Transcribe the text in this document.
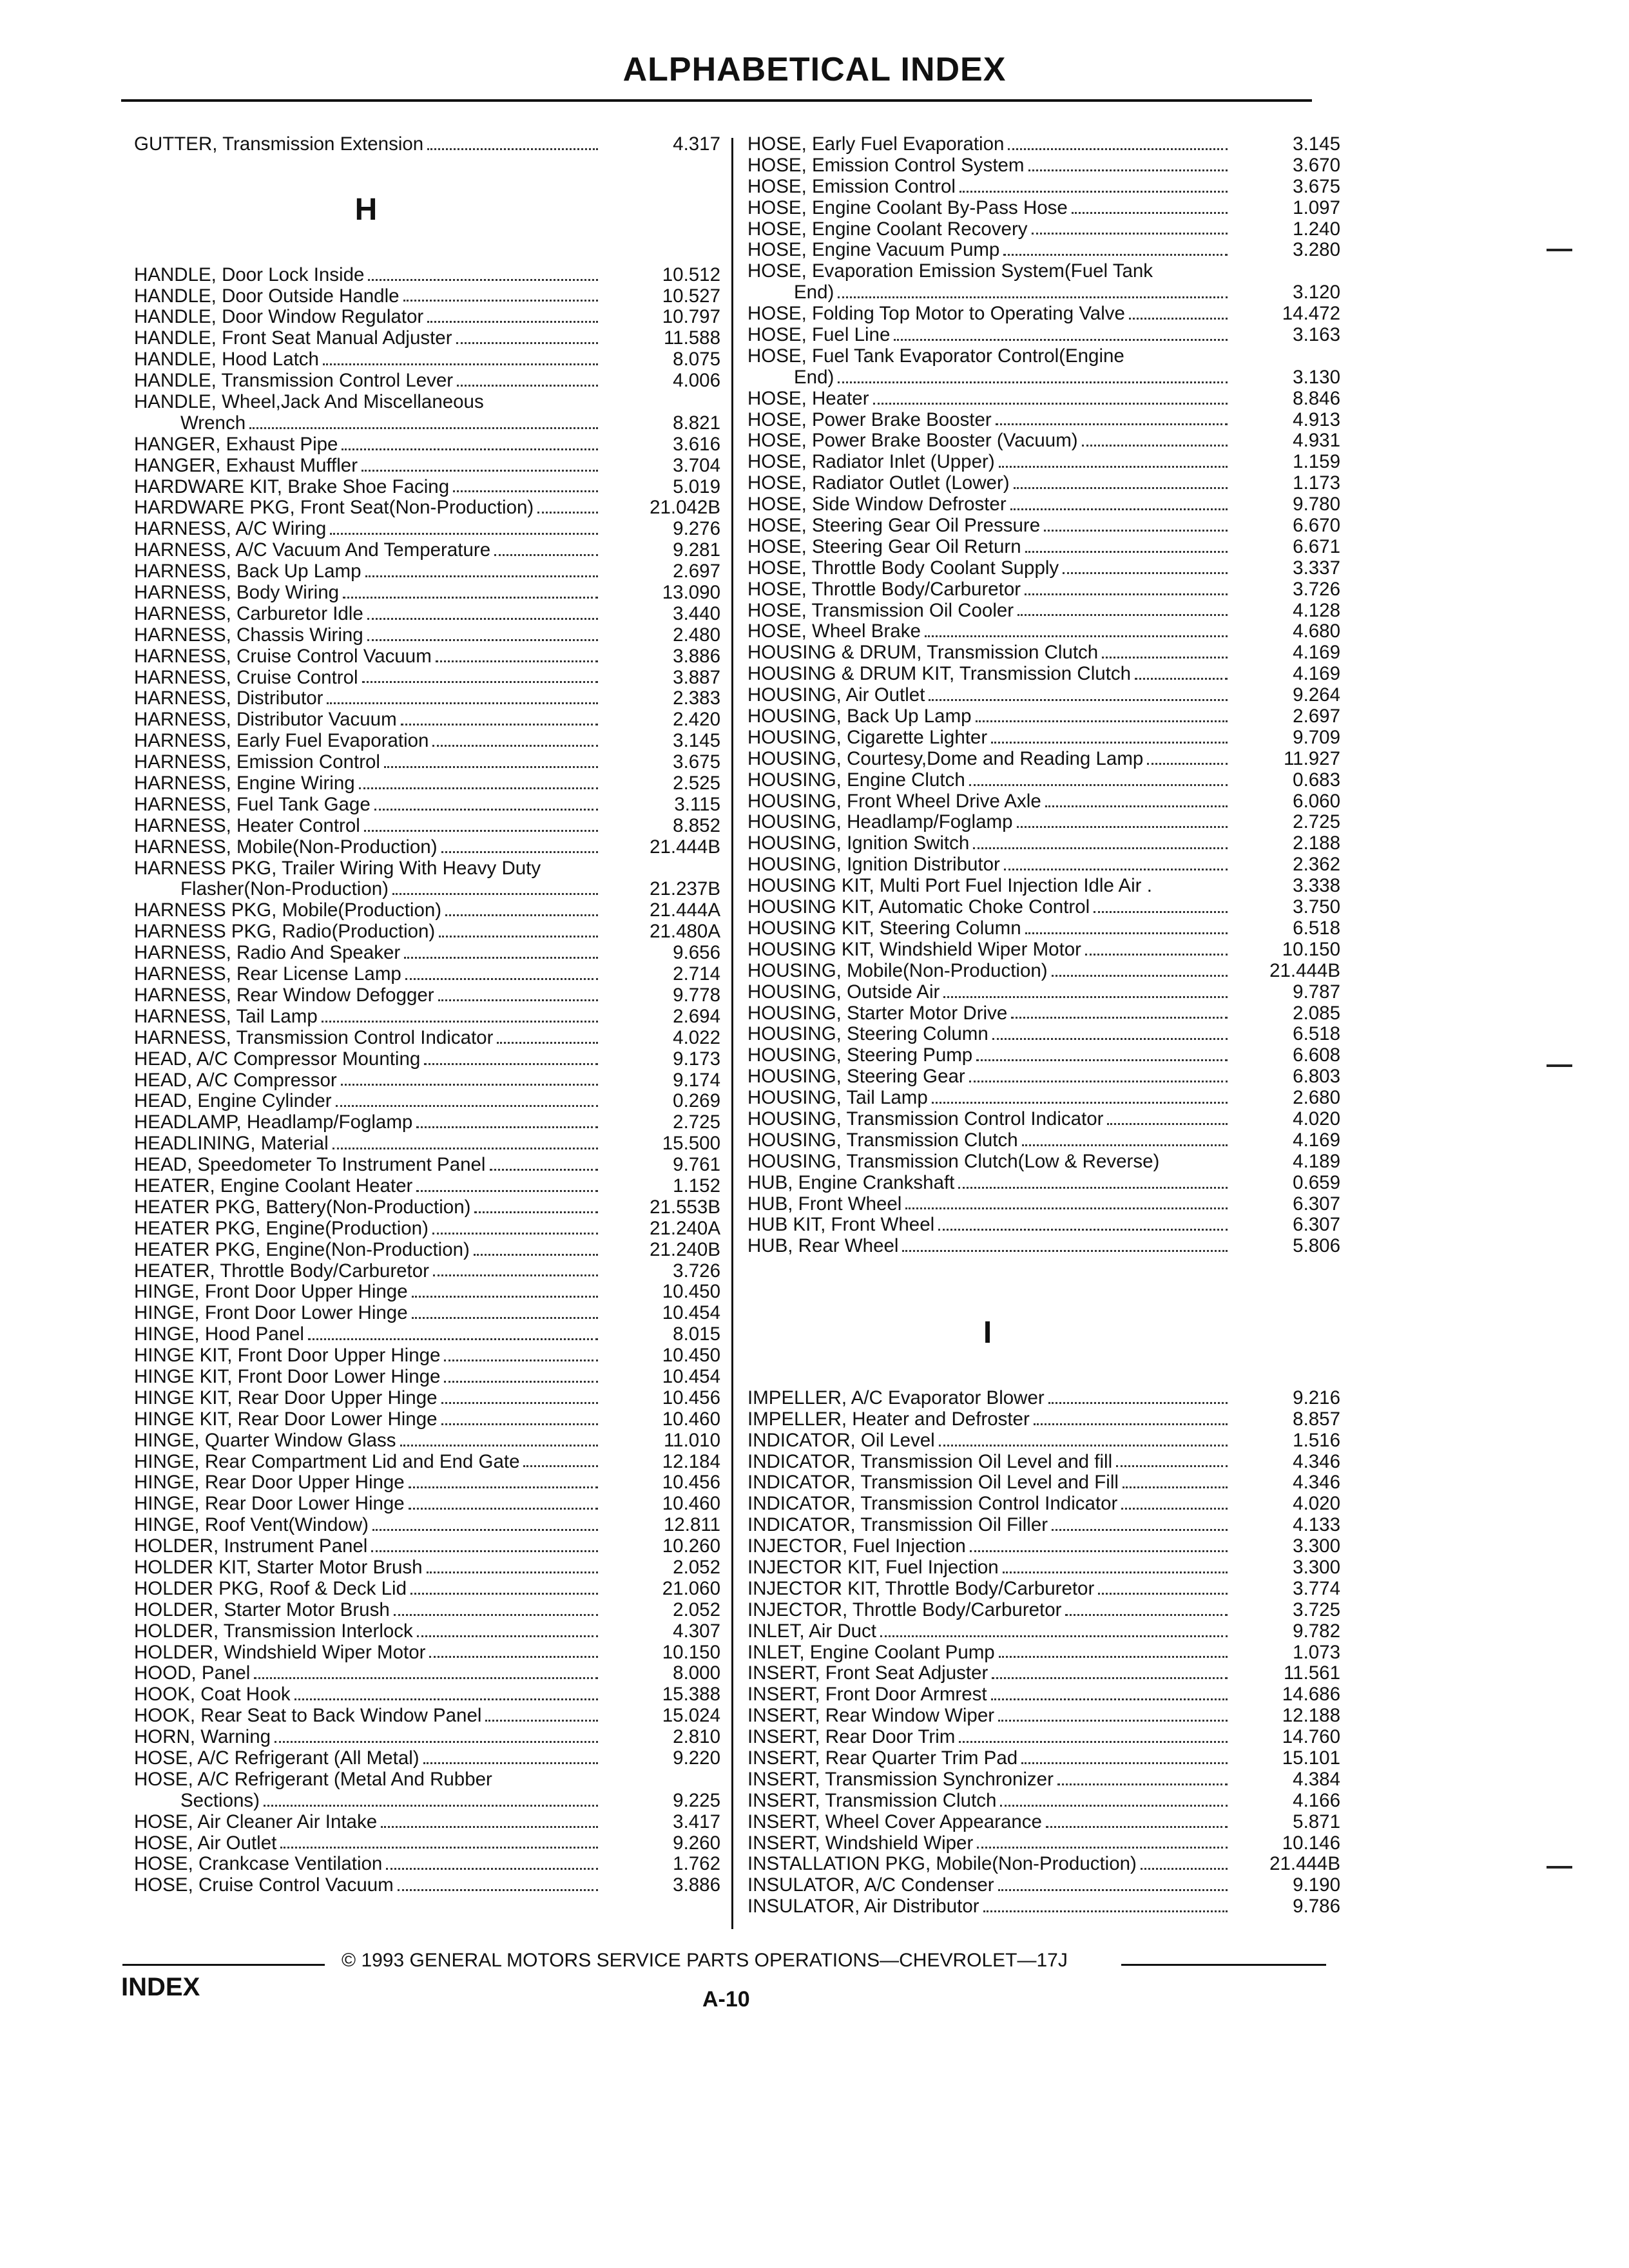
ALPHABETICAL INDEX
GUTTER, Transmission Extension	4.317
H
HANDLE, Door Lock Inside	10.512
HANDLE, Door Outside Handle	10.527
HANDLE, Door Window Regulator	10.797
HANDLE, Front Seat Manual Adjuster	11.588
HANDLE, Hood Latch	8.075
HANDLE, Transmission Control Lever	4.006
HANDLE, Wheel,Jack And Miscellaneous
Wrench	8.821
HANGER, Exhaust Pipe	3.616
HANGER, Exhaust Muffler	3.704
HARDWARE KIT, Brake Shoe Facing	5.019
HARDWARE PKG, Front Seat(Non-Production)	21.042B
HARNESS, A/C Wiring	9.276
HARNESS, A/C Vacuum And Temperature	9.281
HARNESS, Back Up Lamp	2.697
HARNESS, Body Wiring	13.090
HARNESS, Carburetor Idle	3.440
HARNESS, Chassis Wiring	2.480
HARNESS, Cruise Control Vacuum	3.886
HARNESS, Cruise Control	3.887
HARNESS, Distributor	2.383
HARNESS, Distributor Vacuum	2.420
HARNESS, Early Fuel Evaporation	3.145
HARNESS, Emission Control	3.675
HARNESS, Engine Wiring	2.525
HARNESS, Fuel Tank Gage	3.115
HARNESS, Heater Control	8.852
HARNESS, Mobile(Non-Production)	21.444B
HARNESS PKG, Trailer Wiring With Heavy Duty
Flasher(Non-Production)	21.237B
HARNESS PKG, Mobile(Production)	21.444A
HARNESS PKG, Radio(Production)	21.480A
HARNESS, Radio And Speaker	9.656
HARNESS, Rear License Lamp	2.714
HARNESS, Rear Window Defogger	9.778
HARNESS, Tail Lamp	2.694
HARNESS, Transmission Control Indicator	4.022
HEAD, A/C Compressor Mounting	9.173
HEAD, A/C Compressor	9.174
HEAD, Engine Cylinder	0.269
HEADLAMP, Headlamp/Foglamp	2.725
HEADLINING, Material	15.500
HEAD, Speedometer To Instrument Panel	9.761
HEATER, Engine Coolant Heater	1.152
HEATER PKG, Battery(Non-Production)	21.553B
HEATER PKG, Engine(Production)	21.240A
HEATER PKG, Engine(Non-Production)	21.240B
HEATER, Throttle Body/Carburetor	3.726
HINGE, Front Door Upper Hinge	10.450
HINGE, Front Door Lower Hinge	10.454
HINGE, Hood Panel	8.015
HINGE KIT, Front Door Upper Hinge	10.450
HINGE KIT, Front Door Lower Hinge	10.454
HINGE KIT, Rear Door Upper Hinge	10.456
HINGE KIT, Rear Door Lower Hinge	10.460
HINGE, Quarter Window Glass	11.010
HINGE, Rear Compartment Lid and End Gate	12.184
HINGE, Rear Door Upper Hinge	10.456
HINGE, Rear Door Lower Hinge	10.460
HINGE, Roof Vent(Window)	12.811
HOLDER, Instrument Panel	10.260
HOLDER KIT, Starter Motor Brush	2.052
HOLDER PKG, Roof & Deck Lid	21.060
HOLDER, Starter Motor Brush	2.052
HOLDER, Transmission Interlock	4.307
HOLDER, Windshield Wiper Motor	10.150
HOOD, Panel	8.000
HOOK, Coat Hook	15.388
HOOK, Rear Seat to Back Window Panel	15.024
HORN, Warning	2.810
HOSE, A/C Refrigerant (All Metal)	9.220
HOSE, A/C Refrigerant (Metal And Rubber
Sections)	9.225
HOSE, Air Cleaner Air Intake	3.417
HOSE, Air Outlet	9.260
HOSE, Crankcase Ventilation	1.762
HOSE, Cruise Control Vacuum	3.886
HOSE, Early Fuel Evaporation	3.145
HOSE, Emission Control System	3.670
HOSE, Emission Control	3.675
HOSE, Engine Coolant By-Pass Hose	1.097
HOSE, Engine Coolant Recovery	1.240
HOSE, Engine Vacuum Pump	3.280
HOSE, Evaporation Emission System(Fuel Tank
End)	3.120
HOSE, Folding Top Motor to Operating Valve	14.472
HOSE, Fuel Line	3.163
HOSE, Fuel Tank Evaporator Control(Engine
End)	3.130
HOSE, Heater	8.846
HOSE, Power Brake Booster	4.913
HOSE, Power Brake Booster (Vacuum)	4.931
HOSE, Radiator Inlet (Upper)	1.159
HOSE, Radiator Outlet (Lower)	1.173
HOSE, Side Window Defroster	9.780
HOSE, Steering Gear Oil Pressure	6.670
HOSE, Steering Gear Oil Return	6.671
HOSE, Throttle Body Coolant Supply	3.337
HOSE, Throttle Body/Carburetor	3.726
HOSE, Transmission Oil Cooler	4.128
HOSE, Wheel Brake	4.680
HOUSING & DRUM, Transmission Clutch	4.169
HOUSING & DRUM KIT, Transmission Clutch	4.169
HOUSING, Air Outlet	9.264
HOUSING, Back Up Lamp	2.697
HOUSING, Cigarette Lighter	9.709
HOUSING, Courtesy,Dome and Reading Lamp	11.927
HOUSING, Engine Clutch	0.683
HOUSING, Front Wheel Drive Axle	6.060
HOUSING, Headlamp/Foglamp	2.725
HOUSING, Ignition Switch	2.188
HOUSING, Ignition Distributor	2.362
HOUSING KIT, Multi Port Fuel Injection Idle Air .	3.338
HOUSING KIT, Automatic Choke Control	3.750
HOUSING KIT, Steering Column	6.518
HOUSING KIT, Windshield Wiper Motor	10.150
HOUSING, Mobile(Non-Production)	21.444B
HOUSING, Outside Air	9.787
HOUSING, Starter Motor Drive	2.085
HOUSING, Steering Column	6.518
HOUSING, Steering Pump	6.608
HOUSING, Steering Gear	6.803
HOUSING, Tail Lamp	2.680
HOUSING, Transmission Control Indicator	4.020
HOUSING, Transmission Clutch	4.169
HOUSING, Transmission Clutch(Low & Reverse)	4.189
HUB, Engine Crankshaft	0.659
HUB, Front Wheel	6.307
HUB KIT, Front Wheel	6.307
HUB, Rear Wheel	5.806
I
IMPELLER, A/C Evaporator Blower	9.216
IMPELLER, Heater and Defroster	8.857
INDICATOR, Oil Level	1.516
INDICATOR, Transmission Oil Level and fill	4.346
INDICATOR, Transmission Oil Level and Fill	4.346
INDICATOR, Transmission Control Indicator	4.020
INDICATOR, Transmission Oil Filler	4.133
INJECTOR, Fuel Injection	3.300
INJECTOR KIT, Fuel Injection	3.300
INJECTOR KIT, Throttle Body/Carburetor	3.774
INJECTOR, Throttle Body/Carburetor	3.725
INLET, Air Duct	9.782
INLET, Engine Coolant Pump	1.073
INSERT, Front Seat Adjuster	11.561
INSERT, Front Door Armrest	14.686
INSERT, Rear Window Wiper	12.188
INSERT, Rear Door Trim	14.760
INSERT, Rear Quarter Trim Pad	15.101
INSERT, Transmission Synchronizer	4.384
INSERT, Transmission Clutch	4.166
INSERT, Wheel Cover Appearance	5.871
INSERT, Windshield Wiper	10.146
INSTALLATION PKG, Mobile(Non-Production)	21.444B
INSULATOR, A/C Condenser	9.190
INSULATOR, Air Distributor	9.786
© 1993 GENERAL MOTORS SERVICE PARTS OPERATIONS—CHEVROLET—17J
INDEX	A-10
